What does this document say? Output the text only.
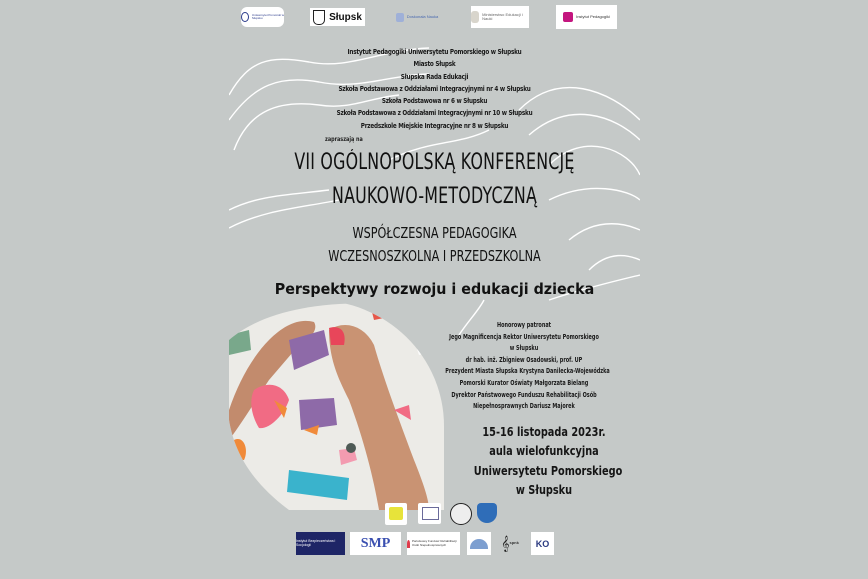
Uniwersytet Pomorski w Słupsku	Słupsk	Doskonała Nauka	Ministerstwo Edukacji i Nauki	Instytut Pedagogiki
Instytut Pedagogiki Uniwersytetu Pomorskiego w Słupsku
Miasto Słupsk
Słupska Rada Edukacji
Szkoła Podstawowa z Oddziałami Integracyjnymi nr 4 w Słupsku
Szkoła Podstawowa nr 6 w Słupsku
Szkoła Podstawowa z Oddziałami Integracyjnymi nr 10 w Słupsku
Przedszkole Miejskie Integracyjne nr 8 w Słupsku
zapraszają na
VII OGÓLNOPOLSKĄ KONFERENCJĘ
NAUKOWO-METODYCZNĄ
WSPÓŁCZESNA PEDAGOGIKA
WCZESNOSZKOLNA I PRZEDSZKOLNA
Perspektywy rozwoju i edukacji dziecka
Honorowy patronat
Jego Magnificencja Rektor Uniwersytetu Pomorskiego
w Słupsku
dr hab. inż. Zbigniew Osadowski, prof. UP
Prezydent Miasta Słupska Krystyna Danilecka-Wojewódzka
Pomorski Kurator Oświaty Małgorzata Bielang
Dyrektor Państwowego Funduszu Rehabilitacji Osób
Niepełnosprawnych Dariusz Majorek
15-16 listopada 2023r.
aula wielofunkcyjna
Uniwersytetu Pomorskiego
w Słupsku
Instytut Bezpieczeństwa i Socjologii	SMP	Państwowy Fundusz Rehabilitacji Osób Niepełnosprawnych	𝄞 spnk KO
